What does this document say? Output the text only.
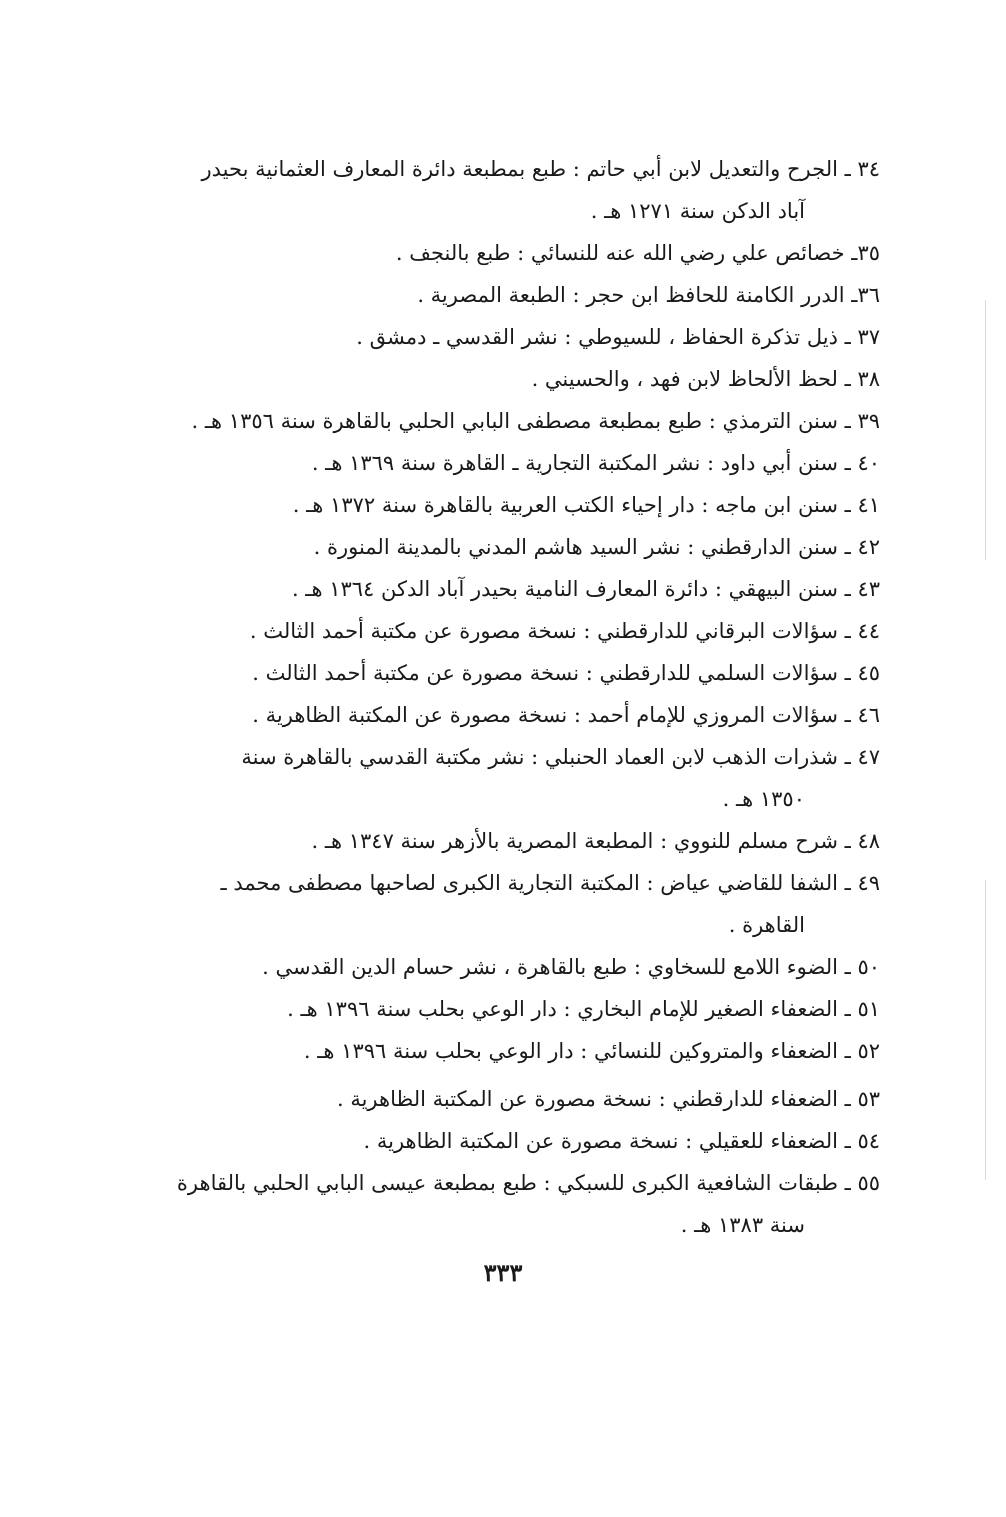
٣٤ ـ الجرح والتعديل لابن أبي حاتم : طبع بمطبعة دائرة المعارف العثمانية بحيدر
آباد الدكن سنة ١٢٧١ هـ .
٣٥ـ خصائص علي رضي الله عنه للنسائي : طبع بالنجف .
٣٦ـ الدرر الكامنة للحافظ ابن حجر : الطبعة المصرية .
٣٧ ـ ذيل تذكرة الحفاظ ، للسيوطي : نشر القدسي ـ دمشق .
٣٨ ـ لحظ الألحاظ لابن فهد ، والحسيني .
٣٩ ـ سنن الترمذي : طبع بمطبعة مصطفى البابي الحلبي بالقاهرة سنة ١٣٥٦ هـ .
٤٠ ـ سنن أبي داود : نشر المكتبة التجارية ـ القاهرة سنة ١٣٦٩ هـ .
٤١ ـ سنن ابن ماجه : دار إحياء الكتب العربية بالقاهرة سنة ١٣٧٢ هـ .
٤٢ ـ سنن الدارقطني : نشر السيد هاشم المدني بالمدينة المنورة .
٤٣ ـ سنن البيهقي : دائرة المعارف النامية بحيدر آباد الدكن ١٣٦٤ هـ .
٤٤ ـ سؤالات البرقاني للدارقطني : نسخة مصورة عن مكتبة أحمد الثالث .
٤٥ ـ سؤالات السلمي للدارقطني : نسخة مصورة عن مكتبة أحمد الثالث .
٤٦ ـ سؤالات المروزي للإمام أحمد : نسخة مصورة عن المكتبة الظاهرية .
٤٧ ـ شذرات الذهب لابن العماد الحنبلي : نشر مكتبة القدسي بالقاهرة سنة
١٣٥٠ هـ .
٤٨ ـ شرح مسلم للنووي : المطبعة المصرية بالأزهر سنة ١٣٤٧ هـ .
٤٩ ـ الشفا للقاضي عياض : المكتبة التجارية الكبرى لصاحبها مصطفى محمد ـ
القاهرة .
٥٠ ـ الضوء اللامع للسخاوي : طبع بالقاهرة ، نشر حسام الدين القدسي .
٥١ ـ الضعفاء الصغير للإمام البخاري : دار الوعي بحلب سنة ١٣٩٦ هـ .
٥٢ ـ الضعفاء والمتروكين للنسائي : دار الوعي بحلب سنة ١٣٩٦ هـ .
٥٣ ـ الضعفاء للدارقطني : نسخة مصورة عن المكتبة الظاهرية .
٥٤ ـ الضعفاء للعقيلي : نسخة مصورة عن المكتبة الظاهرية .
٥٥ ـ طبقات الشافعية الكبرى للسبكي : طبع بمطبعة عيسى البابي الحلبي بالقاهرة
سنة ١٣٨٣ هـ .
٣٣٣
